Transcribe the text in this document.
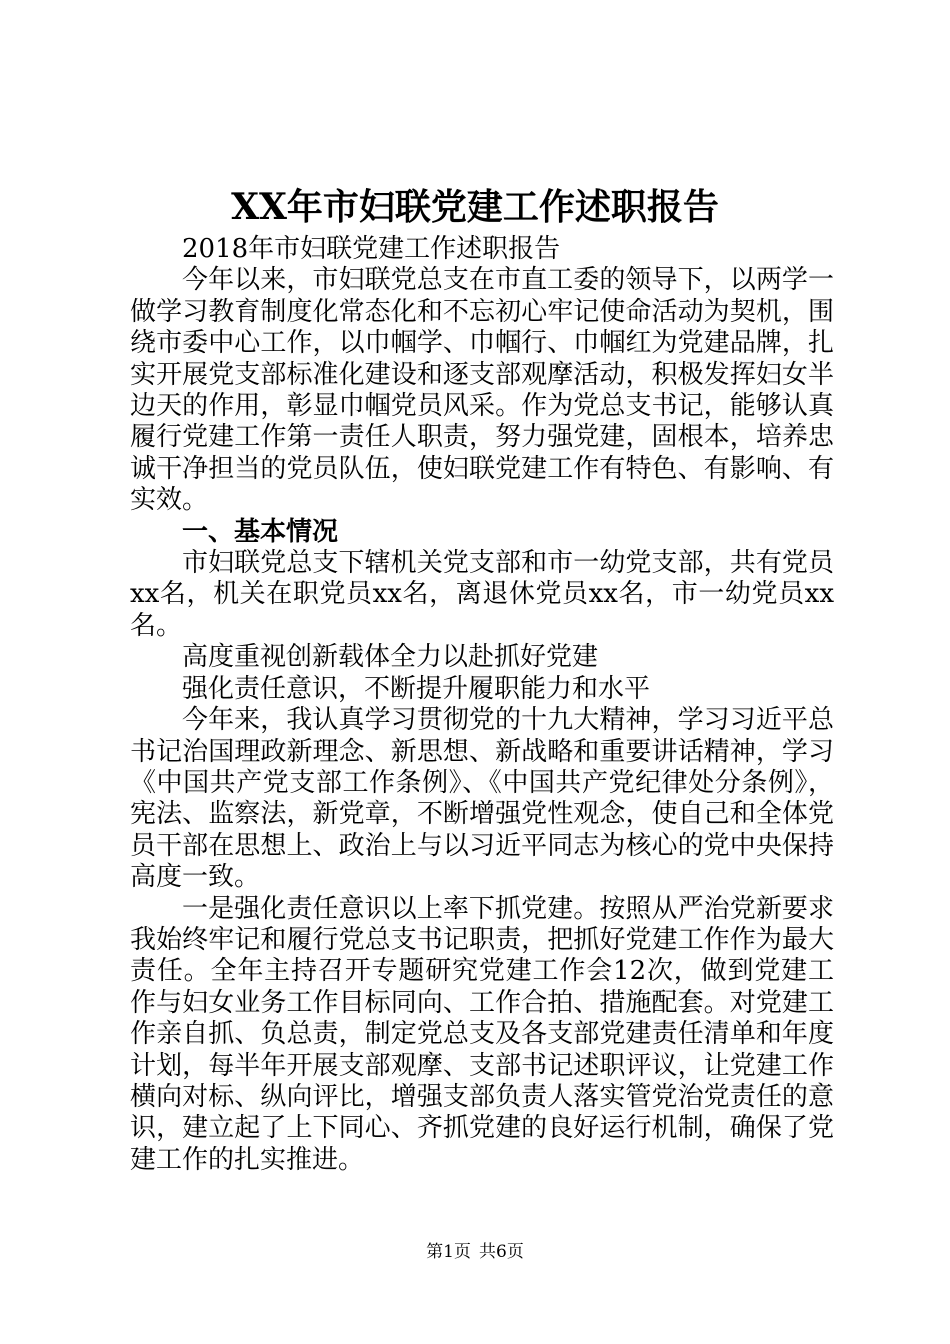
XX年市妇联党建工作述职报告

2018年市妇联党建工作述职报告

今年以来，市妇联党总支在市直工委的领导下，以两学一做学习教育制度化常态化和不忘初心牢记使命活动为契机，围绕市委中心工作，以巾帼学、巾帼行、巾帼红为党建品牌，扎实开展党支部标准化建设和逐支部观摩活动，积极发挥妇女半边天的作用，彰显巾帼党员风采。作为党总支书记，能够认真履行党建工作第一责任人职责，努力强党建，固根本，培养忠诚干净担当的党员队伍，使妇联党建工作有特色、有影响、有实效。

一、基本情况

市妇联党总支下辖机关党支部和市一幼党支部，共有党员xx名，机关在职党员xx名，离退休党员xx名，市一幼党员xx名。

高度重视创新载体全力以赴抓好党建

强化责任意识，不断提升履职能力和水平

今年来，我认真学习贯彻党的十九大精神，学习习近平总书记治国理政新理念、新思想、新战略和重要讲话精神，学习《中国共产党支部工作条例》、《中国共产党纪律处分条例》，宪法、监察法，新党章，不断增强党性观念，使自己和全体党员干部在思想上、政治上与以习近平同志为核心的党中央保持高度一致。

一是强化责任意识以上率下抓党建。按照从严治党新要求我始终牢记和履行党总支书记职责，把抓好党建工作作为最大责任。全年主持召开专题研究党建工作会12次，做到党建工作与妇女业务工作目标同向、工作合拍、措施配套。对党建工作亲自抓、负总责，制定党总支及各支部党建责任清单和年度计划，每半年开展支部观摩、支部书记述职评议，让党建工作横向对标、纵向评比，增强支部负责人落实管党治党责任的意识，建立起了上下同心、齐抓党建的良好运行机制，确保了党建工作的扎实推进。

第1页 共6页
